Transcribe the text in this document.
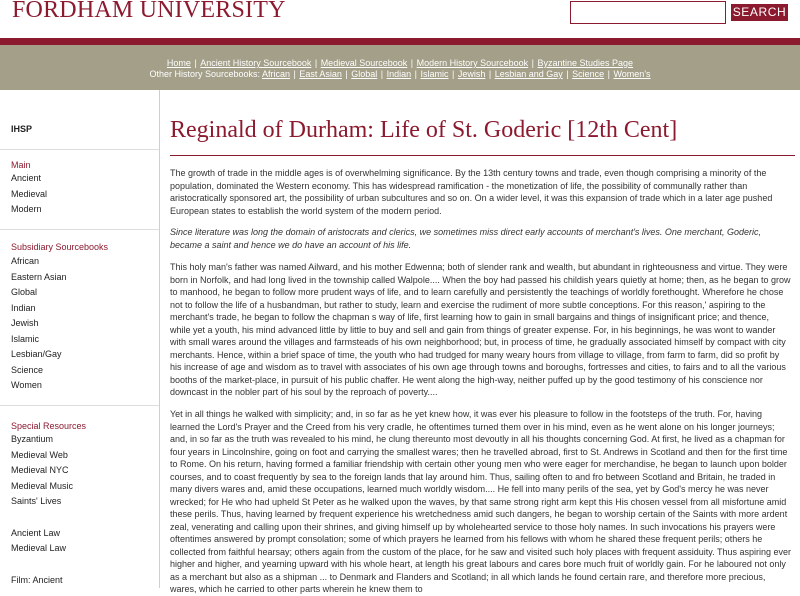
FORDHAM UNIVERSITY	SEARCH
Home | Ancient History Sourcebook | Medieval Sourcebook | Modern History Sourcebook | Byzantine Studies Page
Other History Sourcebooks: African | East Asian | Global | Indian | Islamic | Jewish | Lesbian and Gay | Science | Women's
IHSP
Main
Ancient
Medieval
Modern
Subsidiary Sourcebooks
African
Eastern Asian
Global
Indian
Jewish
Islamic
Lesbian/Gay
Science
Women
Special Resources
Byzantium
Medieval Web
Medieval NYC
Medieval Music
Saints' Lives
Ancient Law
Medieval Law
Film: Ancient
Reginald of Durham: Life of St. Goderic [12th Cent]

The growth of trade in the middle ages is of overwhelming significance. By the 13th century towns and trade, even though comprising a minority of the population, dominated the Western economy. This has widespread ramification - the monetization of life, the possibility of communally rather than aristocratically sponsored art, the possibility of urban subcultures and so on. On a wider level, it was this expansion of trade which in a later age pushed European states to establish the world system of the modern period.

Since literature was long the domain of aristocrats and clerics, we sometimes miss direct early accounts of merchant's lives. One merchant, Goderic, became a saint and hence we do have an account of his life.

This holy man's father was named Ailward, and his mother Edwenna; both of slender rank and wealth, but abundant in righteousness and virtue. They were born in Norfolk, and had long lived in the township called Walpole.... When the boy had passed his childish years quietly at home; then, as he began to grow to manhood, he began to follow more prudent ways of life, and to learn carefully and persistently the teachings of worldly forethought. Wherefore he chose not to follow the life of a husbandman, but rather to study, learn and exercise the rudiment of more subtle conceptions. For this reason,' aspiring to the merchant's trade, he began to follow the chapman s way of life, first learning how to gain in small bargains and things of insignificant price; and thence, while yet a youth, his mind advanced little by little to buy and sell and gain from things of greater expense. For, in his beginnings, he was wont to wander with small wares around the villages and farmsteads of his own neighborhood; but, in process of time, he gradually associated himself by compact with city merchants. Hence, within a brief space of time, the youth who had trudged for many weary hours from village to village, from farm to farm, did so profit by his increase of age and wisdom as to travel with associates of his own age through towns and boroughs, fortresses and cities, to fairs and to all the various booths of the market-place, in pursuit of his public chaffer. He went along the high-way, neither puffed up by the good testimony of his conscience nor downcast in the nobler part of his soul by the reproach of poverty....

Yet in all things he walked with simplicity; and, in so far as he yet knew how, it was ever his pleasure to follow in the footsteps of the truth. For, having learned the Lord's Prayer and the Creed from his very cradle, he oftentimes turned them over in his mind, even as he went alone on his longer journeys; and, in so far as the truth was revealed to his mind, he clung thereunto most devoutly in all his thoughts concerning God. At first, he lived as a chapman for four years in Lincolnshire, going on foot and carrying the smallest wares; then he travelled abroad, first to St. Andrews in Scotland and then for the first time to Rome. On his return, having formed a familiar friendship with certain other young men who were eager for merchandise, he began to launch upon bolder courses, and to coast frequently by sea to the foreign lands that lay around him. Thus, sailing often to and fro between Scotland and Britain, he traded in many divers wares and, amid these occupations, learned much worldly wisdom.... He fell into many perils of the sea, yet by God's mercy he was never wrecked; for He who had upheld St Peter as he walked upon the waves, by that same strong right arm kept this His chosen vessel from all misfortune amid these perils. Thus, having learned by frequent experience his wretchedness amid such dangers, he began to worship certain of the Saints with more ardent zeal, venerating and calling upon their shrines, and giving himself up by wholehearted service to those holy names. In such invocations his prayers were oftentimes answered by prompt consolation; some of which prayers he learned from his fellows with whom he shared these frequent perils; others he collected from faithful hearsay; others again from the custom of the place, for he saw and visited such holy places with frequent assiduity. Thus aspiring ever higher and higher, and yearning upward with his whole heart, at length his great labours and cares bore much fruit of worldly gain. For he laboured not only as a merchant but also as a shipman ... to Denmark and Flanders and Scotland; in all which lands he found certain rare, and therefore more precious, wares, which he carried to other parts wherein he knew them to
